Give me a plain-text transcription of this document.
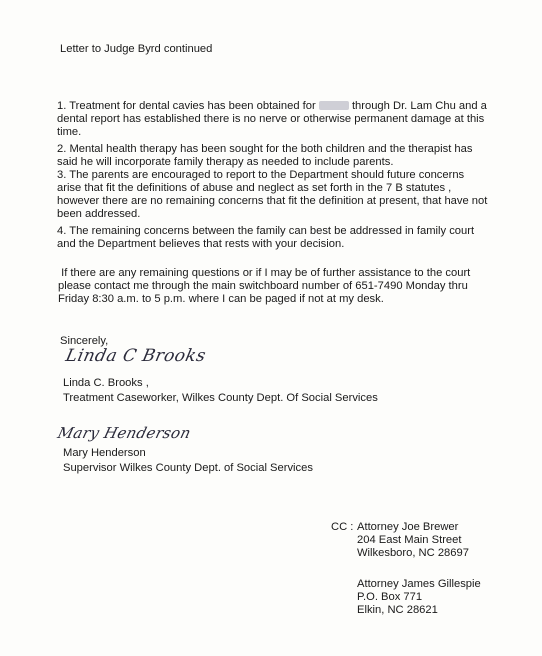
Letter to Judge Byrd continued
1. Treatment for dental cavies has been obtained for	through Dr. Lam Chu and a
dental report has established there is no nerve or otherwise permanent damage at this
time.
2. Mental health therapy has been sought for the both children and the therapist has
said he will incorporate family therapy as needed to include parents.
3. The parents are encouraged to report to the Department should future concerns
arise that fit the definitions of abuse and neglect as set forth in the 7 B statutes ,
however there are no remaining concerns that fit the definition at present, that have not
been addressed.
4. The remaining concerns between the family can best be addressed in family court
and the Department believes that rests with your decision.
If there are any remaining questions or if I may be of further assistance to the court
please contact me through the main switchboard number of 651-7490 Monday thru
Friday 8:30 a.m. to 5 p.m. where I can be paged if not at my desk.
Sincerely,
Linda C Brooks
Linda C. Brooks ,
Treatment Caseworker, Wilkes County Dept. Of Social Services
Mary Henderson
Mary Henderson
Supervisor Wilkes County Dept. of Social Services
CC : Attorney Joe Brewer
204 East Main Street
Wilkesboro, NC 28697
Attorney James Gillespie
P.O. Box 771
Elkin, NC 28621
